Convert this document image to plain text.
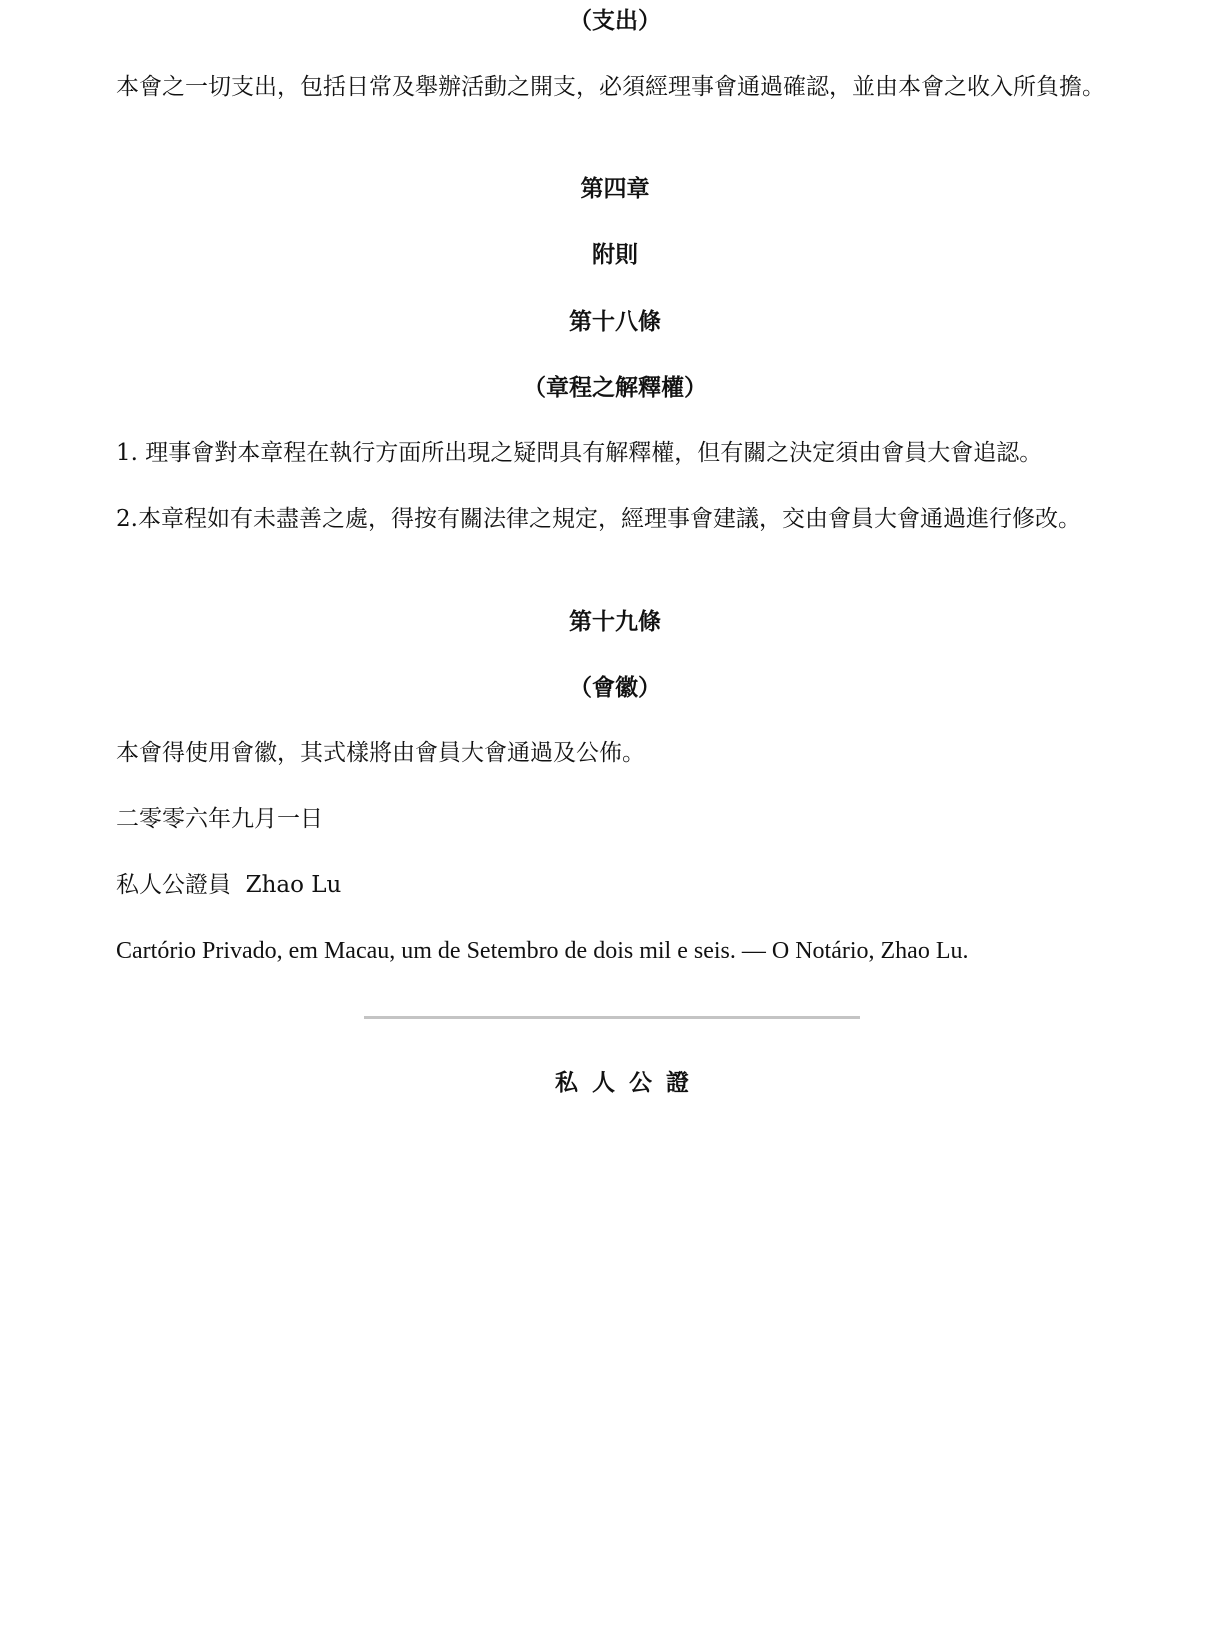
（支出）

本會之一切支出，包括日常及舉辦活動之開支，必須經理事會通過確認，並由本會之收入所負擔。

第四章
附則
第十八條
（章程之解釋權）

1. 理事會對本章程在執行方面所出現之疑問具有解釋權，但有關之決定須由會員大會追認。

2.本章程如有未盡善之處，得按有關法律之規定，經理事會建議，交由會員大會通過進行修改。

第十九條
（會徽）

本會得使用會徽，其式樣將由會員大會通過及公佈。

二零零六年九月一日

私人公證員  Zhao Lu

Cartório Privado, em Macau, um de Setembro de dois mil e seis. — O Notário, Zhao Lu.

私人公證
